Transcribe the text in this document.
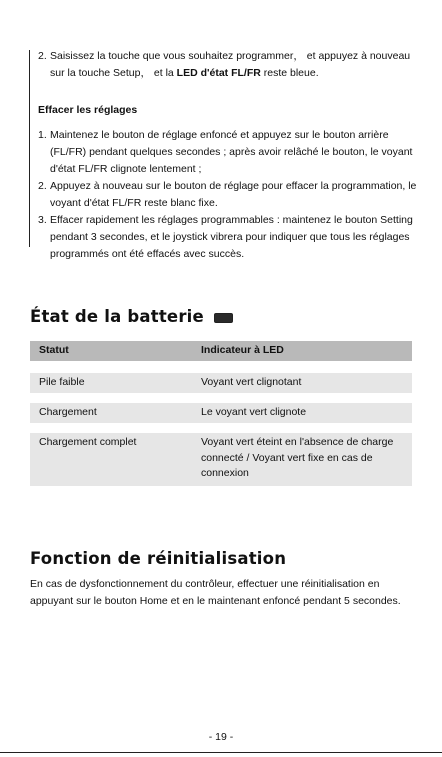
2. Saisissez la touche que vous souhaitez programmer， et appuyez à nouveau sur la touche Setup， et la LED d'état FL/FR reste bleue.
Effacer les réglages
1. Maintenez le bouton de réglage enfoncé et appuyez sur le bouton arrière (FL/FR) pendant quelques secondes ; après avoir relâché le bouton, le voyant d'état FL/FR clignote lentement ;
2. Appuyez à nouveau sur le bouton de réglage pour effacer la programmation, le voyant d'état FL/FR reste blanc fixe.
3. Effacer rapidement les réglages programmables : maintenez le bouton Setting pendant 3 secondes, et le joystick vibrera pour indiquer que tous les réglages programmés ont été effacés avec succès.
État de la batterie
Statut	Indicateur à LED
Pile faible	Voyant vert clignotant
Chargement	Le voyant vert clignote
Chargement complet	Voyant vert éteint en l'absence de charge connecté / Voyant vert fixe en cas de connexion
Fonction de réinitialisation
En cas de dysfonctionnement du contrôleur, effectuer une réinitialisation en appuyant sur le bouton Home et en le maintenant enfoncé pendant 5 secondes.
- 19 -
